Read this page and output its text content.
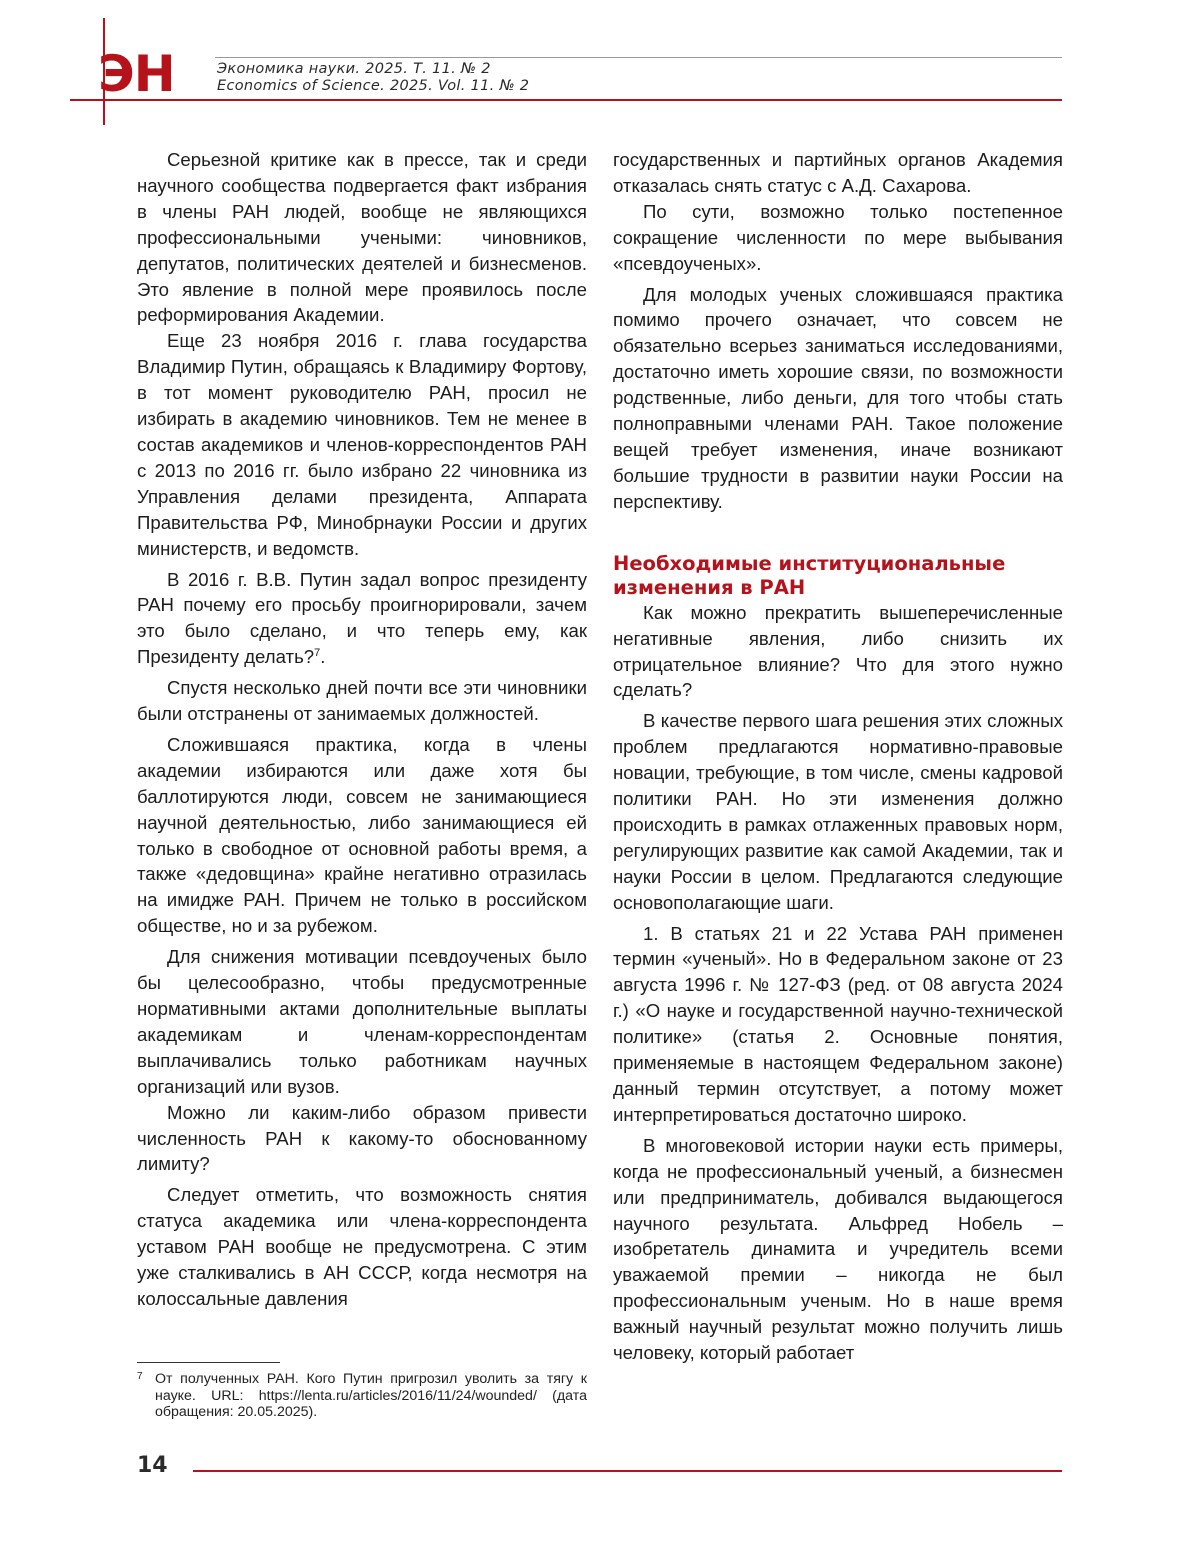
ЭН	Экономика науки. 2025. Т. 11. № 2
Economics of Science. 2025. Vol. 11. № 2

Серьезной критике как в прессе, так и среди научного сообщества подвергается факт избрания в члены РАН людей, вообще не являющихся профессиональными учеными: чиновников, депутатов, политических деятелей и бизнесменов. Это явление в полной мере проявилось после реформирования Академии.

Еще 23 ноября 2016 г. глава государства Владимир Путин, обращаясь к Владимиру Фортову, в тот момент руководителю РАН, просил не избирать в академию чиновников. Тем не менее в состав академиков и членов-корреспондентов РАН с 2013 по 2016 гг. было избрано 22 чиновника из Управления делами президента, Аппарата Правительства РФ, Минобрнауки России и других министерств, и ведомств.

В 2016 г. В.В. Путин задал вопрос президенту РАН почему его просьбу проигнорировали, зачем это было сделано, и что теперь ему, как Президенту делать?$^7$.

Спустя несколько дней почти все эти чиновники были отстранены от занимаемых должностей.

Сложившаяся практика, когда в члены академии избираются или даже хотя бы баллотируются люди, совсем не занимающиеся научной деятельностью, либо занимающиеся ей только в свободное от основной работы время, а также «дедовщина» крайне негативно отразилась на имидже РАН. Причем не только в российском обществе, но и за рубежом.

Для снижения мотивации псевдоученых было бы целесообразно, чтобы предусмотренные нормативными актами дополнительные выплаты академикам и членам-корреспондентам выплачивались только работникам научных организаций или вузов.

Можно ли каким-либо образом привести численность РАН к какому-то обоснованному лимиту?

Следует отметить, что возможность снятия статуса академика или члена-корреспондента уставом РАН вообще не предусмотрена. С этим уже сталкивались в АН СССР, когда несмотря на колоссальные давления

государственных и партийных органов Академия отказалась снять статус с А.Д. Сахарова.

По сути, возможно только постепенное сокращение численности по мере выбывания «псевдоученых».

Для молодых ученых сложившаяся практика помимо прочего означает, что совсем не обязательно всерьез заниматься исследованиями, достаточно иметь хорошие связи, по возможности родственные, либо деньги, для того чтобы стать полноправными членами РАН. Такое положение вещей требует изменения, иначе возникают большие трудности в развитии науки России на перспективу.

Необходимые институциональные изменения в РАН

Как можно прекратить вышеперечисленные негативные явления, либо снизить их отрицательное влияние? Что для этого нужно сделать?

В качестве первого шага решения этих сложных проблем предлагаются нормативно-правовые новации, требующие, в том числе, смены кадровой политики РАН. Но эти изменения должно происходить в рамках отлаженных правовых норм, регулирующих развитие как самой Академии, так и науки России в целом. Предлагаются следующие основополагающие шаги.

1. В статьях 21 и 22 Устава РАН применен термин «ученый». Но в Федеральном законе от 23 августа 1996 г. № 127-ФЗ (ред. от 08 августа 2024 г.) «О науке и государственной научно-технической политике» (статья 2. Основные понятия, применяемые в настоящем Федеральном законе) данный термин отсутствует, а потому может интерпретироваться достаточно широко.

В многовековой истории науки есть примеры, когда не профессиональный ученый, а бизнесмен или предприниматель, добивался выдающегося научного результата. Альфред Нобель – изобретатель динамита и учредитель всеми уважаемой премии – никогда не был профессиональным ученым. Но в наше время важный научный результат можно получить лишь человеку, который работает

7 От полученных РАН. Кого Путин пригрозил уволить за тягу к науке. URL: https://lenta.ru/articles/2016/11/24/wounded/ (дата обращения: 20.05.2025).
14
